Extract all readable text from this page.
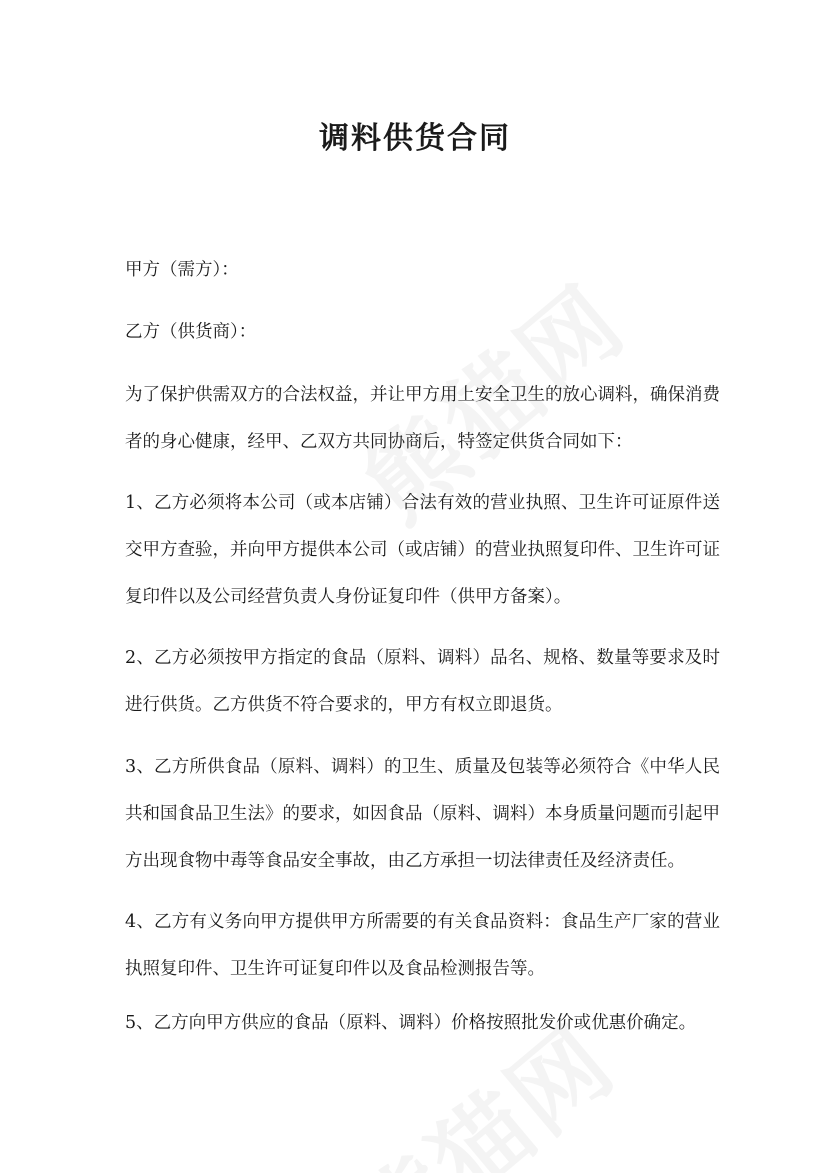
调料供货合同

甲方（需方）：

乙方（供货商）：

为了保护供需双方的合法权益，并让甲方用上安全卫生的放心调料，确保消费者的身心健康，经甲、乙双方共同协商后，特签定供货合同如下：

1、乙方必须将本公司（或本店铺）合法有效的营业执照、卫生许可证原件送交甲方查验，并向甲方提供本公司（或店铺）的营业执照复印件、卫生许可证复印件以及公司经营负责人身份证复印件（供甲方备案）。

2、乙方必须按甲方指定的食品（原料、调料）品名、规格、数量等要求及时进行供货。乙方供货不符合要求的，甲方有权立即退货。

3、乙方所供食品（原料、调料）的卫生、质量及包装等必须符合《中华人民共和国食品卫生法》的要求，如因食品（原料、调料）本身质量问题而引起甲方出现食物中毒等食品安全事故，由乙方承担一切法律责任及经济责任。

4、乙方有义务向甲方提供甲方所需要的有关食品资料：食品生产厂家的营业执照复印件、卫生许可证复印件以及食品检测报告等。

5、乙方向甲方供应的食品（原料、调料）价格按照批发价或优惠价确定。
